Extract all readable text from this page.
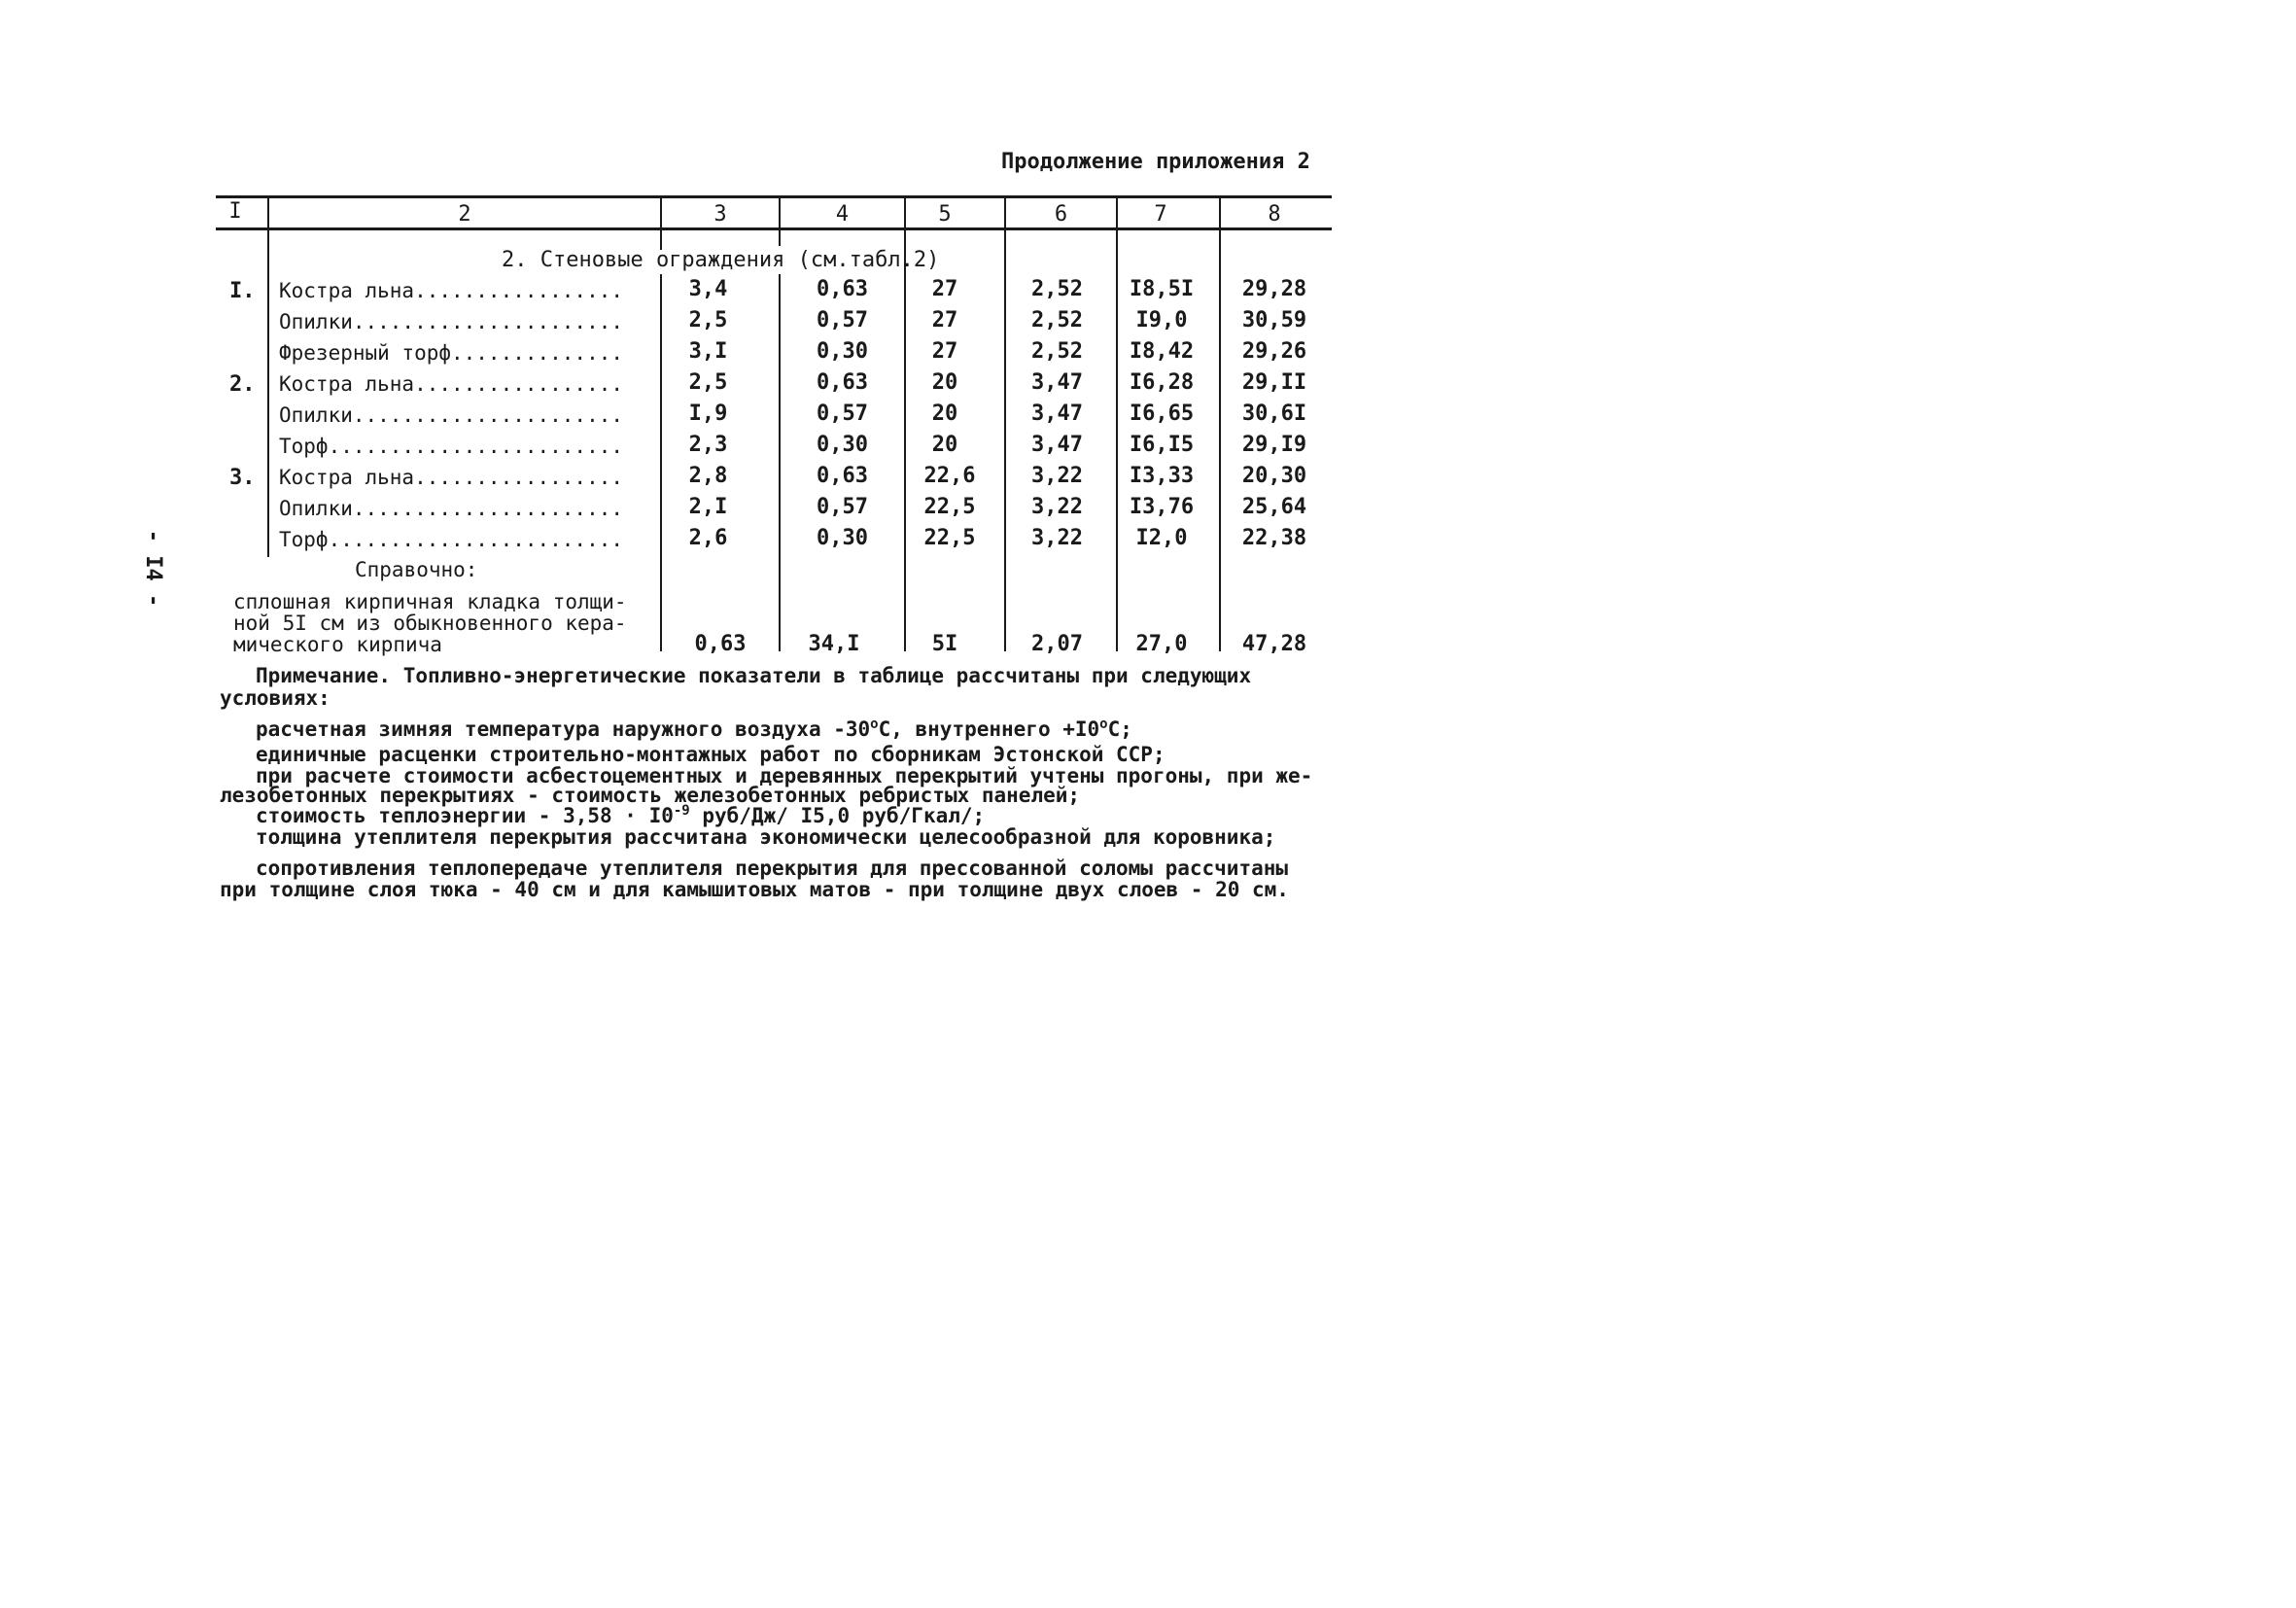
Продолжение приложения 2
- I4 -
I	2	3	4	5	6	7	8
2. Стеновые ограждения (см.табл.2)
I. Костра льна.................	3,4	0,63	27	2,52	I8,5I	29,28
Опилки......................	2,5	0,57	27	2,52	I9,0	30,59
Фрезерный торф..............	3,I	0,30	27	2,52	I8,42	29,26
2. Костра льна.................	2,5	0,63	20	3,47	I6,28	29,II
Опилки......................	I,9	0,57	20	3,47	I6,65	30,6I
Торф........................	2,3	0,30	20	3,47	I6,I5	29,I9
3. Костра льна.................	2,8	0,63	22,6	3,22	I3,33	20,30
Опилки......................	2,I	0,57	22,5	3,22	I3,76	25,64
Торф........................	2,6	0,30	22,5	3,22	I2,0	22,38
Справочно:
сплошная кирпичная кладка толщи-
ной 5I см из обыкновенного кера-
мического кирпича	0,63	34,I	5I	2,07	27,0	47,28
Примечание. Топливно-энергетические показатели в таблице рассчитаны при следующих
условиях:
расчетная зимняя температура наружного воздуха -30$^o$С, внутреннего $+I0^oС$;
единичные расценки строительно-монтажных работ по сборникам Эстонской ССР;
при расчете стоимости асбестоцементных и деревянных перекрытий учтены прогоны, при же-
лезобетонных перекрытиях - стоимость железобетонных ребристых панелей;
стоимость теплоэнергии - $3,58 \cdot I0^{-9}$ руб/Дж/ I5,0 руб/Гкал/;
толщина утеплителя перекрытия рассчитана экономически целесообразной для коровника;
сопротивления теплопередаче утеплителя перекрытия для прессованной соломы рассчитаны
при толщине слоя тюка - 40 см и для камышитовых матов - при толщине двух слоев - 20 см.
